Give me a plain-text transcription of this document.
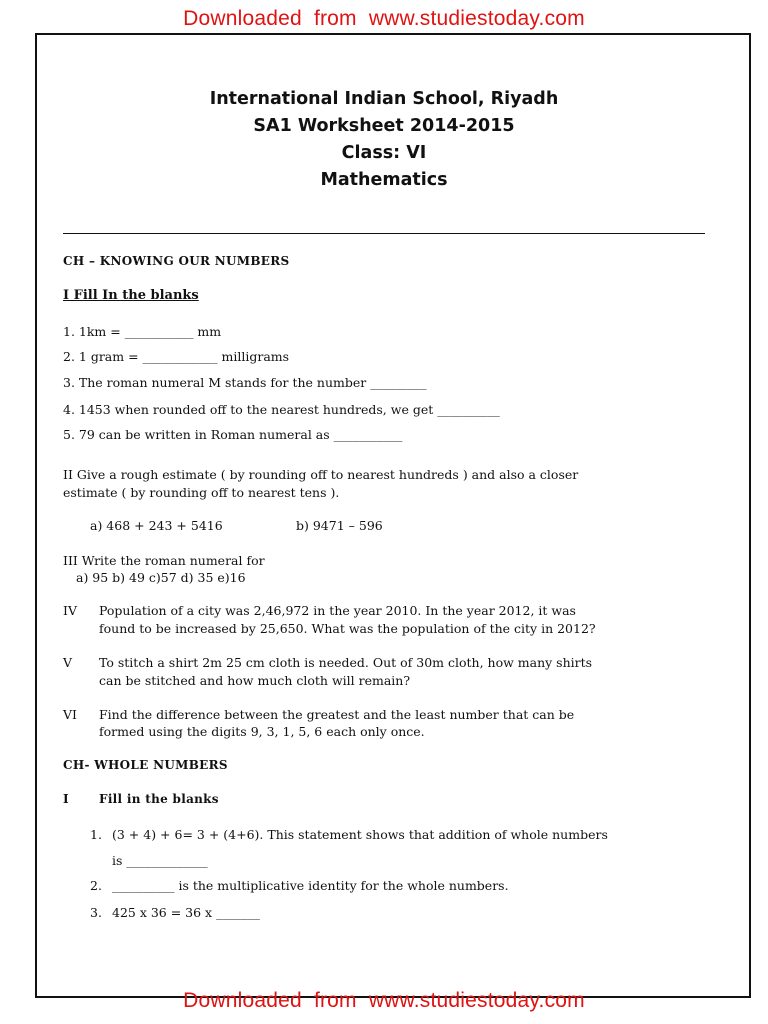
Downloaded  from  www.studiestoday.com
International Indian School, Riyadh
SA1 Worksheet 2014-2015
Class: VI
Mathematics
CH – KNOWING OUR NUMBERS
I Fill In the blanks
1. 1km = ___________ mm
2. 1 gram = ____________ milligrams
3. The roman numeral M stands for the number _________
4. 1453 when rounded off to the nearest hundreds, we get __________
5. 79 can be written in Roman numeral as ___________
II Give a rough estimate ( by rounding off to nearest hundreds ) and also a closer
estimate ( by rounding off to nearest tens ).
a) 468 + 243 + 5416	b) 9471 – 596
III Write the roman numeral for
a) 95 b) 49 c)57 d) 35 e)16
IV Population of a city was 2,46,972 in the year 2010. In the year 2012, it was
found to be increased by 25,650. What was the population of the city in 2012?
V To stitch a shirt 2m 25 cm cloth is needed. Out of 30m cloth, how many shirts
can be stitched and how much cloth will remain?
VI Find the difference between the greatest and the least number that can be
formed using the digits 9, 3, 1, 5, 6 each only once.
CH- WHOLE NUMBERS
I	Fill in the blanks
1. (3 + 4) + 6= 3 + (4+6). This statement shows that addition of whole numbers
is _____________
2. __________ is the multiplicative identity for the whole numbers.
3. 425 x 36 = 36 x _______
Downloaded  from  www.studiestoday.com
